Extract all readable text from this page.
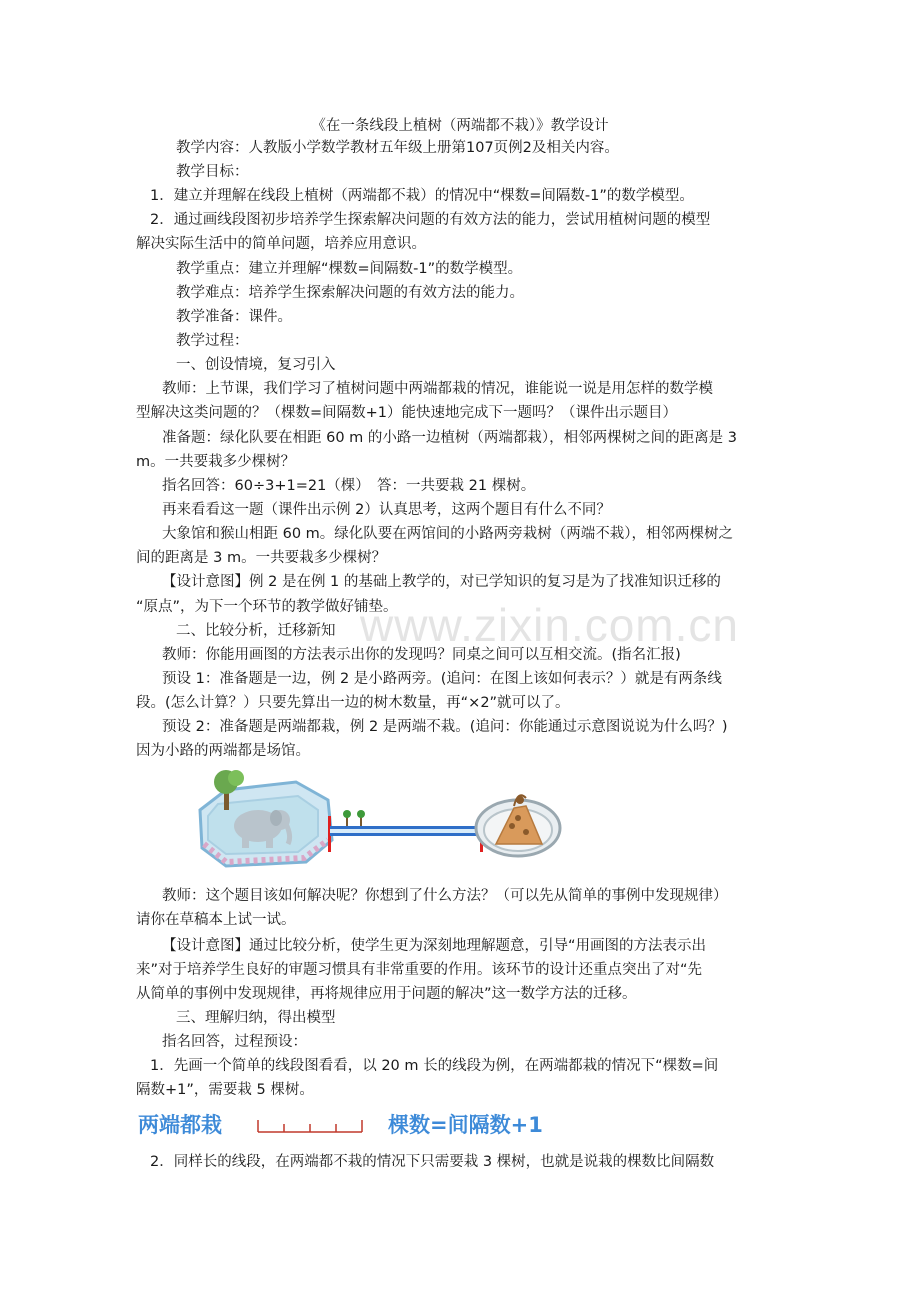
www.zixin.com.cn
《在一条线段上植树（两端都不栽）》教学设计
教学内容：人教版小学数学教材五年级上册第107页例2及相关内容。
教学目标：
1．建立并理解在线段上植树（两端都不栽）的情况中“棵数=间隔数-1”的数学模型。
2．通过画线段图初步培养学生探索解决问题的有效方法的能力，尝试用植树问题的模型
解决实际生活中的简单问题，培养应用意识。
教学重点：建立并理解“棵数=间隔数-1”的数学模型。
教学难点：培养学生探索解决问题的有效方法的能力。
教学准备：课件。
教学过程：
一、创设情境，复习引入
教师：上节课，我们学习了植树问题中两端都栽的情况，谁能说一说是用怎样的数学模
型解决这类问题的？（棵数=间隔数+1）能快速地完成下一题吗？（课件出示题目）
准备题：绿化队要在相距 60 m 的小路一边植树（两端都栽），相邻两棵树之间的距离是 3
m。一共要栽多少棵树？
指名回答：60÷3+1=21（棵）　答：一共要栽 21 棵树。
再来看看这一题（课件出示例 2）认真思考，这两个题目有什么不同？
大象馆和猴山相距 60 m。绿化队要在两馆间的小路两旁栽树（两端不栽），相邻两棵树之
间的距离是 3 m。一共要栽多少棵树？
【设计意图】例 2 是在例 1 的基础上教学的，对已学知识的复习是为了找准知识迁移的
“原点”，为下一个环节的教学做好铺垫。
二、比较分析，迁移新知
教师：你能用画图的方法表示出你的发现吗？同桌之间可以互相交流。(指名汇报)
预设 1：准备题是一边，例 2 是小路两旁。(追问：在图上该如何表示？）就是有两条线
段。(怎么计算？）只要先算出一边的树木数量，再“×2”就可以了。
预设 2：准备题是两端都栽，例 2 是两端不栽。(追问：你能通过示意图说说为什么吗？)
因为小路的两端都是场馆。
教师：这个题目该如何解决呢？你想到了什么方法？（可以先从简单的事例中发现规律）
请你在草稿本上试一试。
【设计意图】通过比较分析，使学生更为深刻地理解题意，引导“用画图的方法表示出
来”对于培养学生良好的审题习惯具有非常重要的作用。该环节的设计还重点突出了对“先
从简单的事例中发现规律，再将规律应用于问题的解决”这一数学方法的迁移。
三、理解归纳，得出模型
指名回答，过程预设：
1．先画一个简单的线段图看看，以 20 m 长的线段为例，在两端都栽的情况下“棵数=间
隔数+1”，需要栽 5 棵树。
两端都栽	棵数=间隔数+1
2．同样长的线段，在两端都不栽的情况下只需要栽 3 棵树，也就是说栽的棵数比间隔数
